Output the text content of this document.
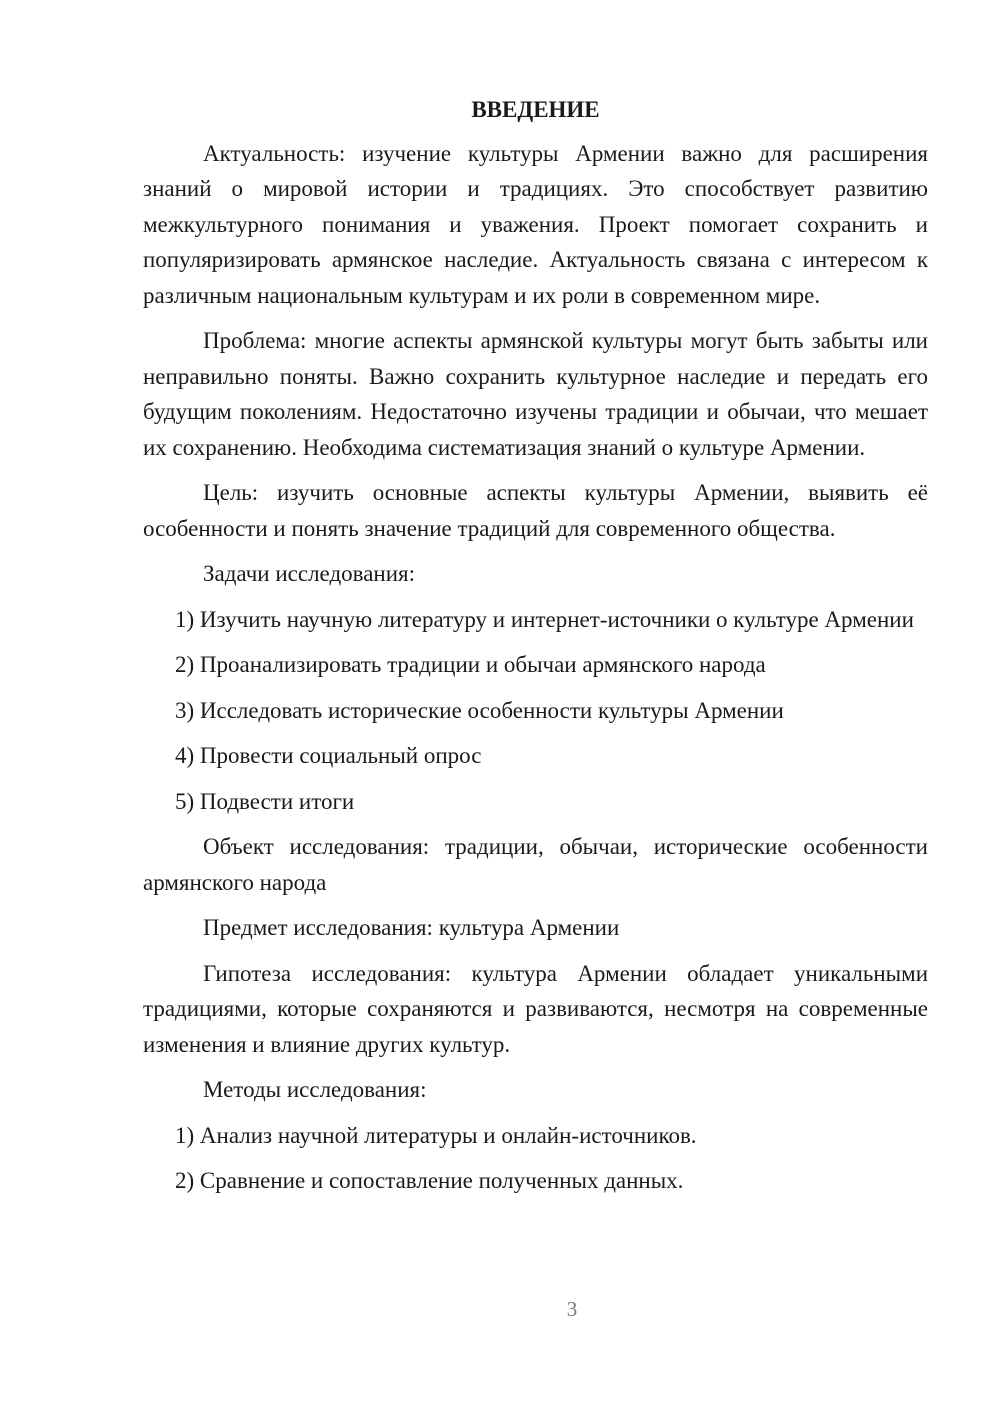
ВВЕДЕНИЕ

Актуальность: изучение культуры Армении важно для расширения знаний о мировой истории и традициях. Это способствует развитию межкультурного понимания и уважения. Проект помогает сохранить и популяризировать армянское наследие. Актуальность связана с интересом к различным национальным культурам и их роли в современном мире.

Проблема: многие аспекты армянской культуры могут быть забыты или неправильно поняты. Важно сохранить культурное наследие и передать его будущим поколениям. Недостаточно изучены традиции и обычаи, что мешает их сохранению. Необходима систематизация знаний о культуре Армении.

Цель: изучить основные аспекты культуры Армении, выявить её особенности и понять значение традиций для современного общества.

Задачи исследования:

1) Изучить научную литературу и интернет-источники о культуре Армении

2) Проанализировать традиции и обычаи армянского народа

3) Исследовать исторические особенности культуры Армении

4) Провести социальный опрос

5) Подвести итоги

Объект исследования: традиции, обычаи, исторические особенности армянского народа

Предмет исследования: культура Армении

Гипотеза исследования: культура Армении обладает уникальными традициями, которые сохраняются и развиваются, несмотря на современные изменения и влияние других культур.

Методы исследования:

1) Анализ научной литературы и онлайн-источников.

2) Сравнение и сопоставление полученных данных.

3
